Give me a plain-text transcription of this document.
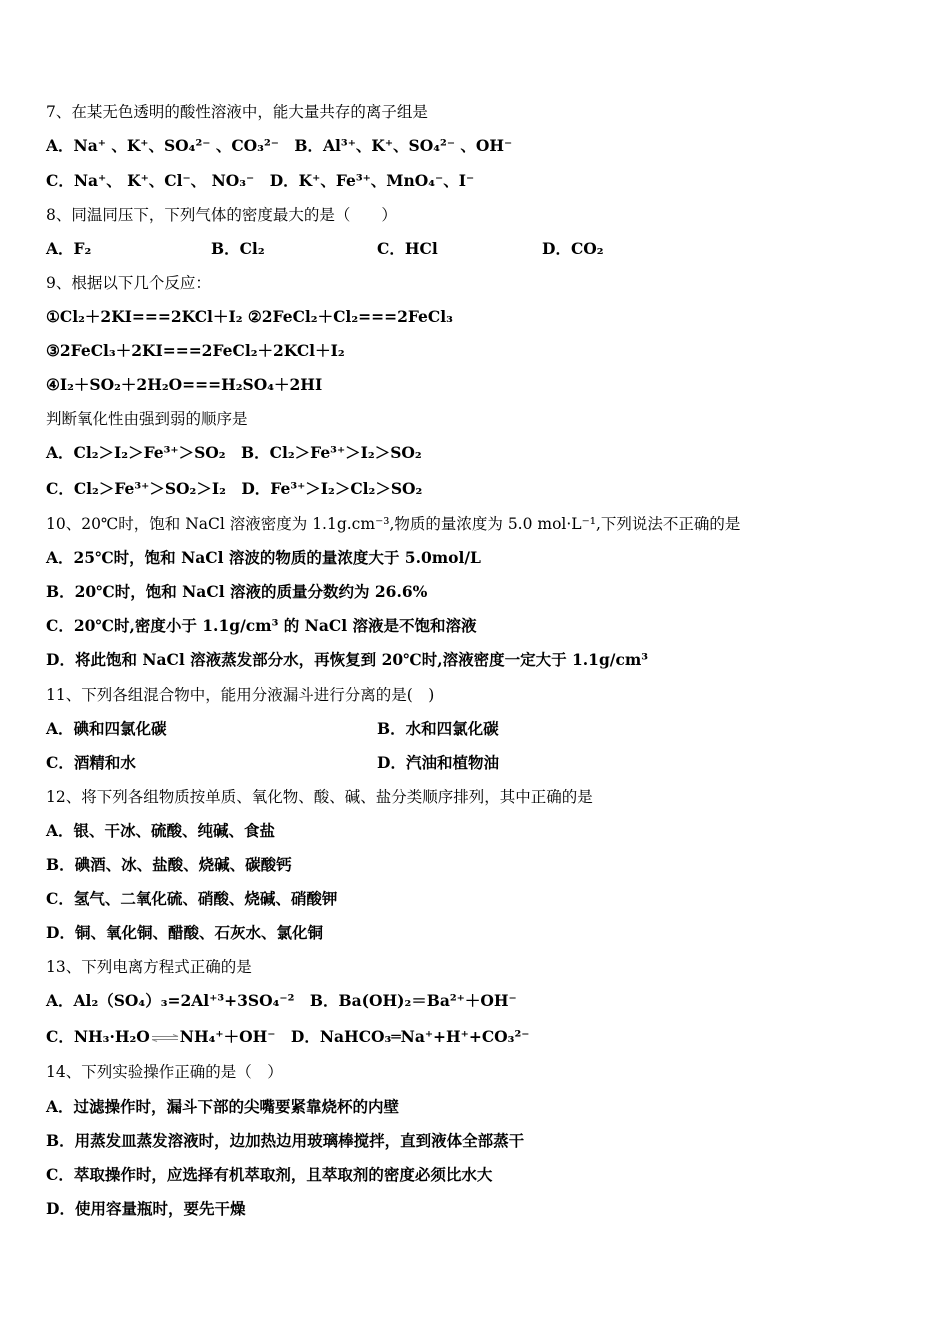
7、在某无色透明的酸性溶液中，能大量共存的离子组是
A．Na⁺ 、K⁺、SO₄²⁻ 、CO₃²⁻　B．Al³⁺、K⁺、SO₄²⁻ 、OH⁻
C．Na⁺、 K⁺、Cl⁻、 NO₃⁻　D．K⁺、Fe³⁺、MnO₄⁻、I⁻
8、同温同压下，下列气体的密度最大的是（　　）
A．F₂	B．Cl₂	C．HCl	D．CO₂
9、根据以下几个反应：
①Cl₂＋2KI===2KCl＋I₂ ②2FeCl₂＋Cl₂===2FeCl₃
③2FeCl₃＋2KI===2FeCl₂＋2KCl＋I₂
④I₂＋SO₂＋2H₂O===H₂SO₄＋2HI
判断氧化性由强到弱的顺序是
A．Cl₂＞I₂＞Fe³⁺＞SO₂　B．Cl₂＞Fe³⁺＞I₂＞SO₂
C．Cl₂＞Fe³⁺＞SO₂＞I₂　D．Fe³⁺＞I₂＞Cl₂＞SO₂
10、20℃时，饱和 NaCl 溶液密度为 1.1g.cm⁻³,物质的量浓度为 5.0 mol·L⁻¹,下列说法不正确的是
A．25℃时，饱和 NaCl 溶波的物质的量浓度大于 5.0mol/L
B．20℃时，饱和 NaCl 溶液的质量分数约为 26.6%
C．20℃时,密度小于 1.1g/cm³ 的 NaCl 溶液是不饱和溶液
D．将此饱和 NaCl 溶液蒸发部分水，再恢复到 20℃时,溶液密度一定大于 1.1g/cm³
11、下列各组混合物中，能用分液漏斗进行分离的是(　)
A．碘和四氯化碳	B．水和四氯化碳
C．酒精和水	D．汽油和植物油
12、将下列各组物质按单质、氧化物、酸、碱、盐分类顺序排列，其中正确的是
A．银、干冰、硫酸、纯碱、食盐
B．碘酒、冰、盐酸、烧碱、碳酸钙
C．氢气、二氧化硫、硝酸、烧碱、硝酸钾
D．铜、氧化铜、醋酸、石灰水、氯化铜
13、下列电离方程式正确的是
A．Al₂（SO₄）₃=2Al⁺³+3SO₄⁻²　B．Ba(OH)₂＝Ba²⁺＋OH⁻
C．NH₃·H₂O⇌NH₄⁺＋OH⁻　D．NaHCO₃═Na⁺+H⁺+CO₃²⁻
14、下列实验操作正确的是（　）
A．过滤操作时，漏斗下部的尖嘴要紧靠烧杯的内壁
B．用蒸发皿蒸发溶液时，边加热边用玻璃棒搅拌，直到液体全部蒸干
C．萃取操作时，应选择有机萃取剂，且萃取剂的密度必须比水大
D．使用容量瓶时，要先干燥
